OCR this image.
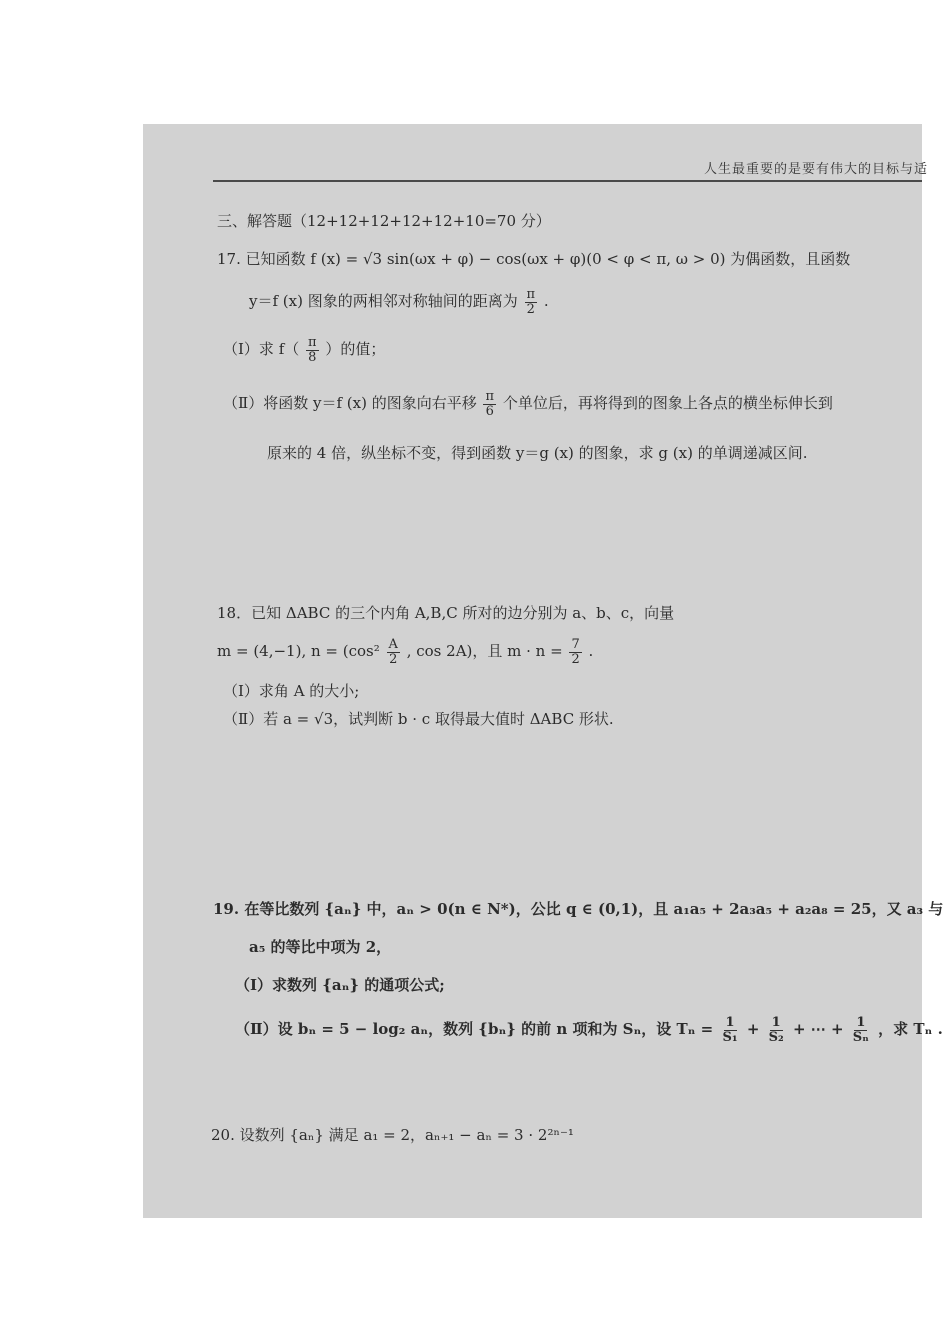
人生最重要的是要有伟大的目标与适
三、解答题（12+12+12+12+12+10=70 分）
17. 已知函数 f (x) = √3 sin(ωx + φ) − cos(ωx + φ)(0 < φ < π, ω > 0) 为偶函数，且函数
y＝f (x) 图象的两相邻对称轴间的距离为 $\frac{\pi}{2}$ .
（Ⅰ）求 $f( \frac{\pi}{8}$ ）的值；
（Ⅱ）将函数 y＝f (x) 的图象向右平移 $\frac{\pi}{6}$ 个单位后，再将得到的图象上各点的横坐标伸长到
原来的 4 倍，纵坐标不变，得到函数 y＝g (x) 的图象，求 g (x) 的单调递减区间.
18．已知 ΔABC 的三个内角 A,B,C 所对的边分别为 a、b、c，向量
m = (4,−1), $n = (\cos^2 \frac{A}{2}$ , cos 2A)，且 $m \cdot n = \frac{7}{2}$ .
（Ⅰ）求角 A 的大小;
（Ⅱ）若 a = √3，试判断 b · c 取得最大值时 ΔABC 形状.
19. 在等比数列 {aₙ} 中，aₙ > 0(n ∈ N*)，公比 q ∈ (0,1)，且 a₁a₅ + 2a₃a₅ + a₂a₈ = 25，又 a₃ 与
a₅ 的等比中项为 2，
（Ⅰ）求数列 {aₙ} 的通项公式;
（Ⅱ）设 bₙ = 5 − log₂ aₙ，数列 {bₙ} 的前 n 项和为 Sₙ，设 $T_n = \frac{1}{\text{S₁}} + \frac{1}{\text{S₂}}$ + ⋯ + $\frac{1}{\text{Sₙ}}$ ，求 Tₙ .
20. 设数列 {aₙ} 满足 a₁ = 2，aₙ₊₁ − aₙ = 3 · 2²ⁿ⁻¹
